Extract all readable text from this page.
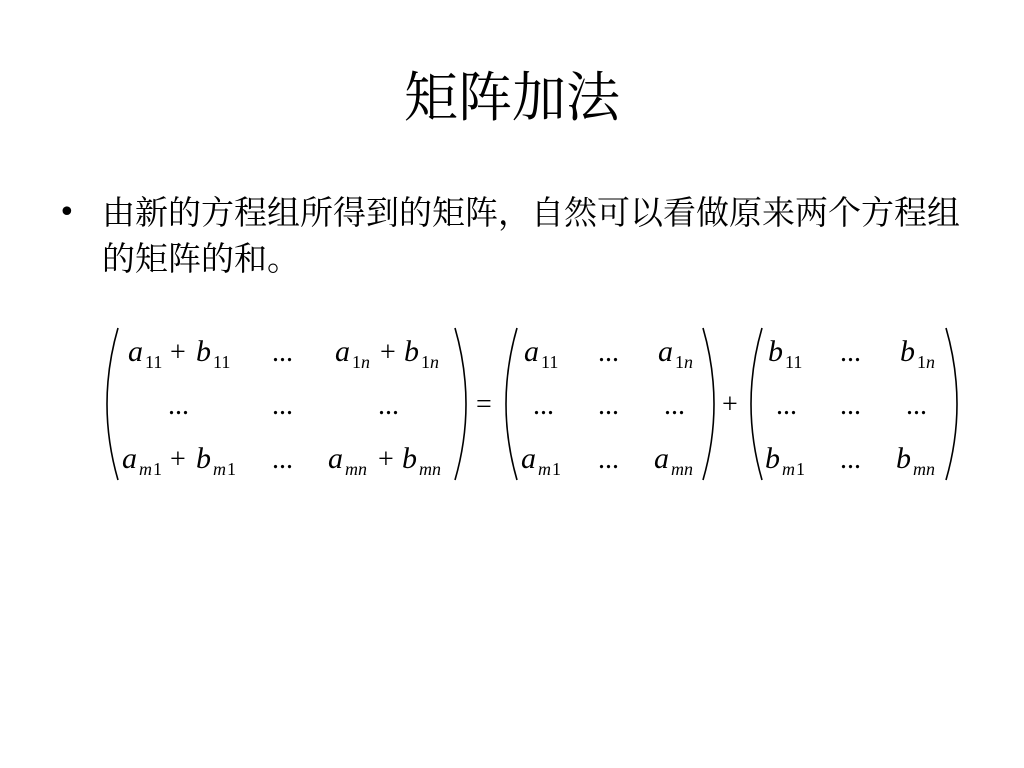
矩阵加法
• 由新的方程组所得到的矩阵，自然可以看做原来两个方程组的矩阵的和。
a 11 + b 11 ... a 1 n + b 1 n
...	...	...
a m 1 + b m 1 ... a mn + b mn
=
a 11 ... a 1 n
... ... ...
a m 1 ... a mn
+
b 11 ... b 1 n
... ... ...
b m 1 ... b mn
